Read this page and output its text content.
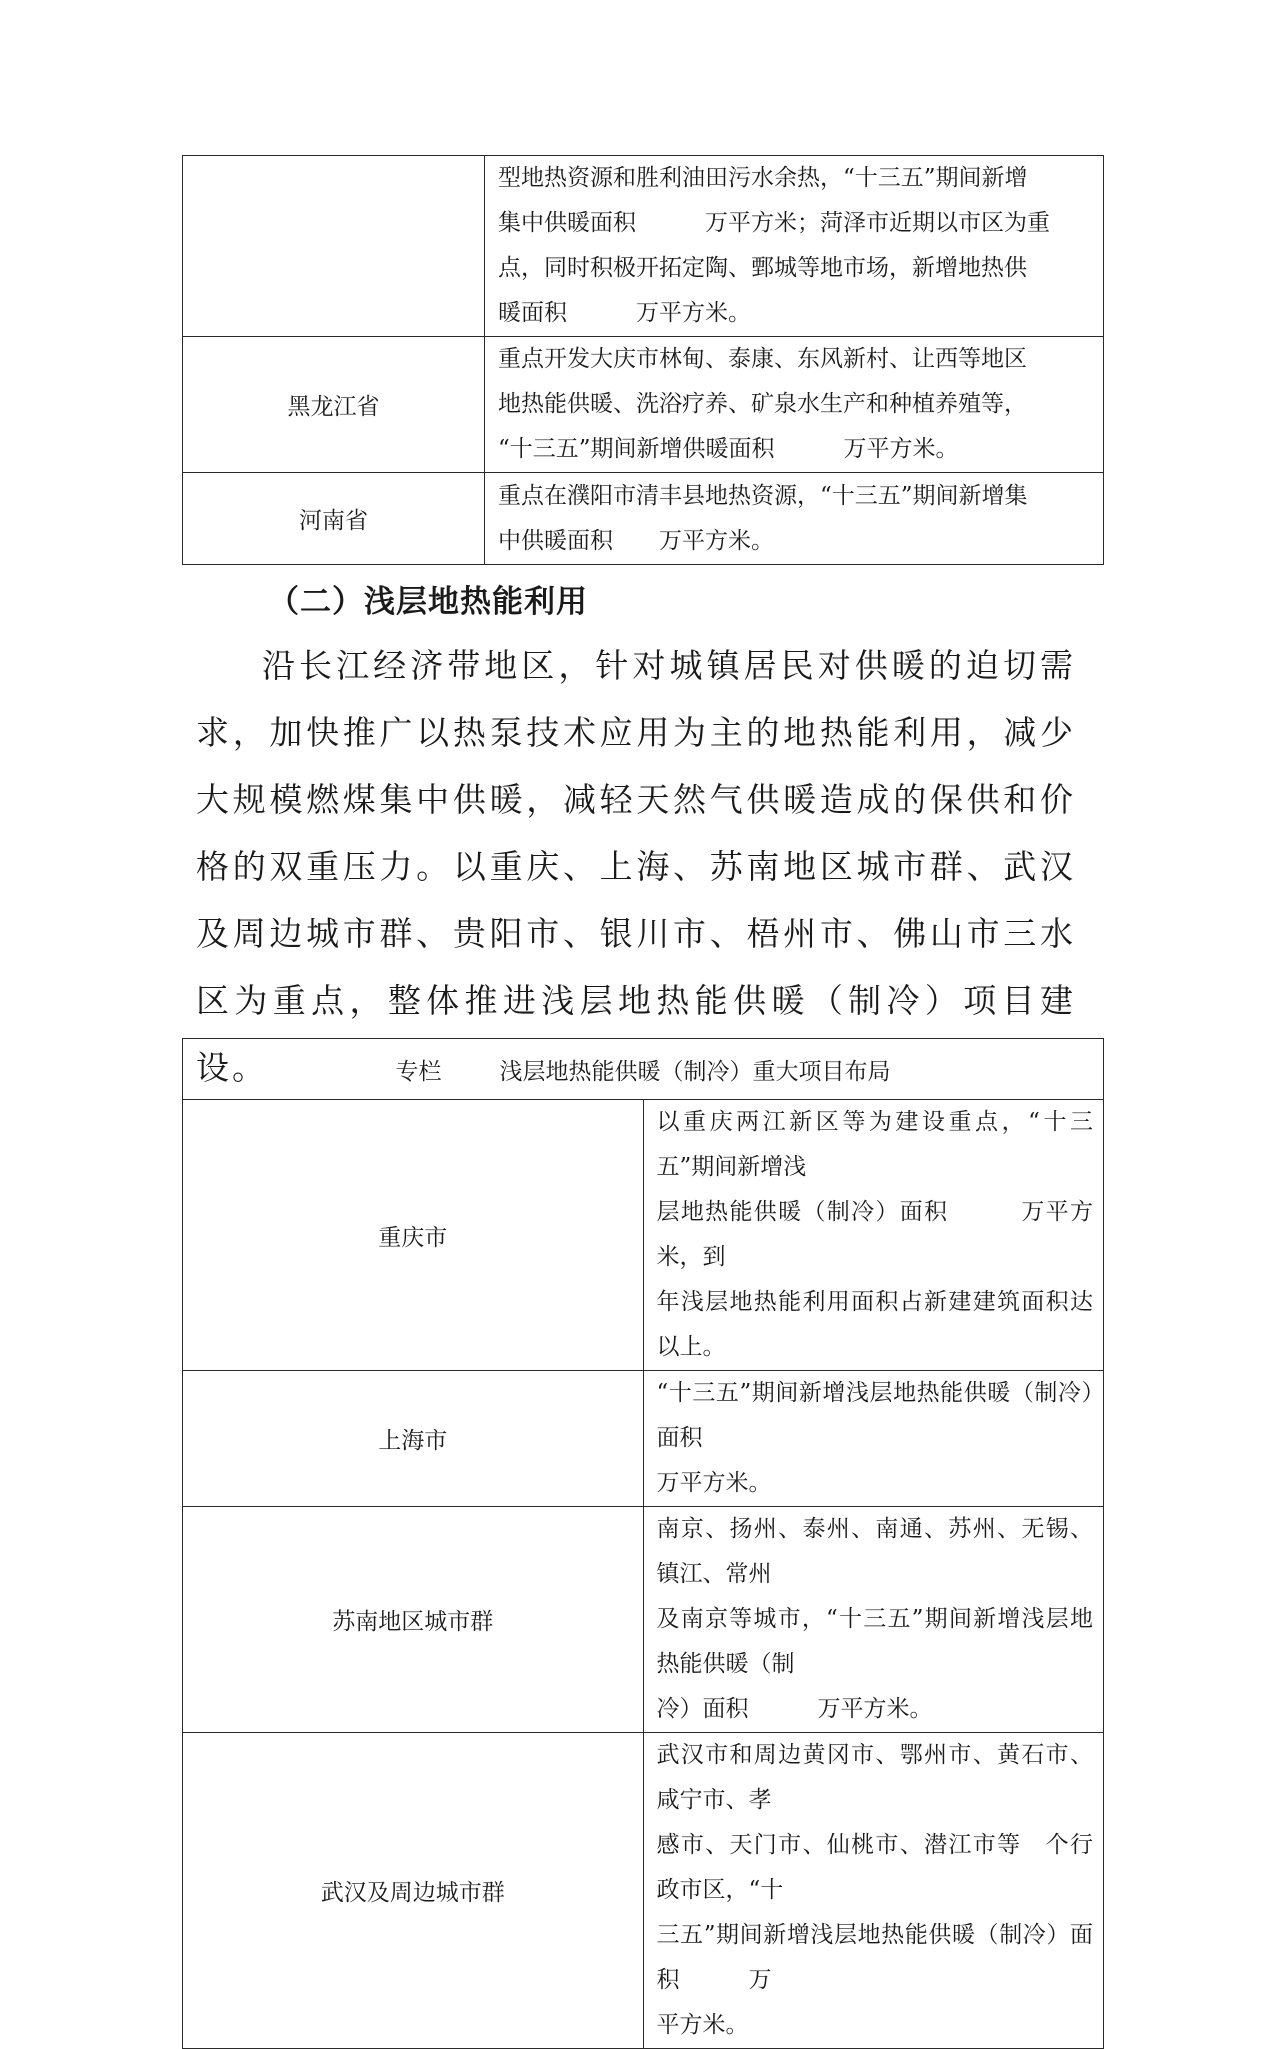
	型地热资源和胜利油田污水余热，“十三五”期间新增
集中供暖面积　　　万平方米；菏泽市近期以市区为重
点，同时积极开拓定陶、鄄城等地市场，新增地热供
暖面积　　　万平方米。
黑龙江省	重点开发大庆市林甸、泰康、东风新村、让西等地区
地热能供暖、洗浴疗养、矿泉水生产和种植养殖等，
“十三五”期间新增供暖面积　　　万平方米。
河南省	重点在濮阳市清丰县地热资源，“十三五”期间新增集
中供暖面积　　万平方米。
（二）浅层地热能利用

沿长江经济带地区，针对城镇居民对供暖的迫切需求，加快推广以热泵技术应用为主的地热能利用，减少大规模燃煤集中供暖，减轻天然气供暖造成的保供和价格的双重压力。以重庆、上海、苏南地区城市群、武汉及周边城市群、贵阳市、银川市、梧州市、佛山市三水区为重点，整体推进浅层地热能供暖（制冷）项目建设。	专栏 浅层地热能供暖（制冷）重大项目布局	
重庆市	以重庆两江新区等为建设重点，“十三五”期间新增浅
层地热能供暖（制冷）面积　　　万平方米，到
年浅层地热能利用面积占新建建筑面积达　　　以上。
上海市	“十三五”期间新增浅层地热能供暖（制冷）面积
万平方米。
苏南地区城市群	南京、扬州、泰州、南通、苏州、无锡、镇江、常州
及南京等城市，“十三五”期间新增浅层地热能供暖（制
冷）面积　　　万平方米。
武汉及周边城市群	武汉市和周边黄冈市、鄂州市、黄石市、咸宁市、孝
感市、天门市、仙桃市、潜江市等　个行政市区，“十
三五”期间新增浅层地热能供暖（制冷）面积　　　万
平方米。
